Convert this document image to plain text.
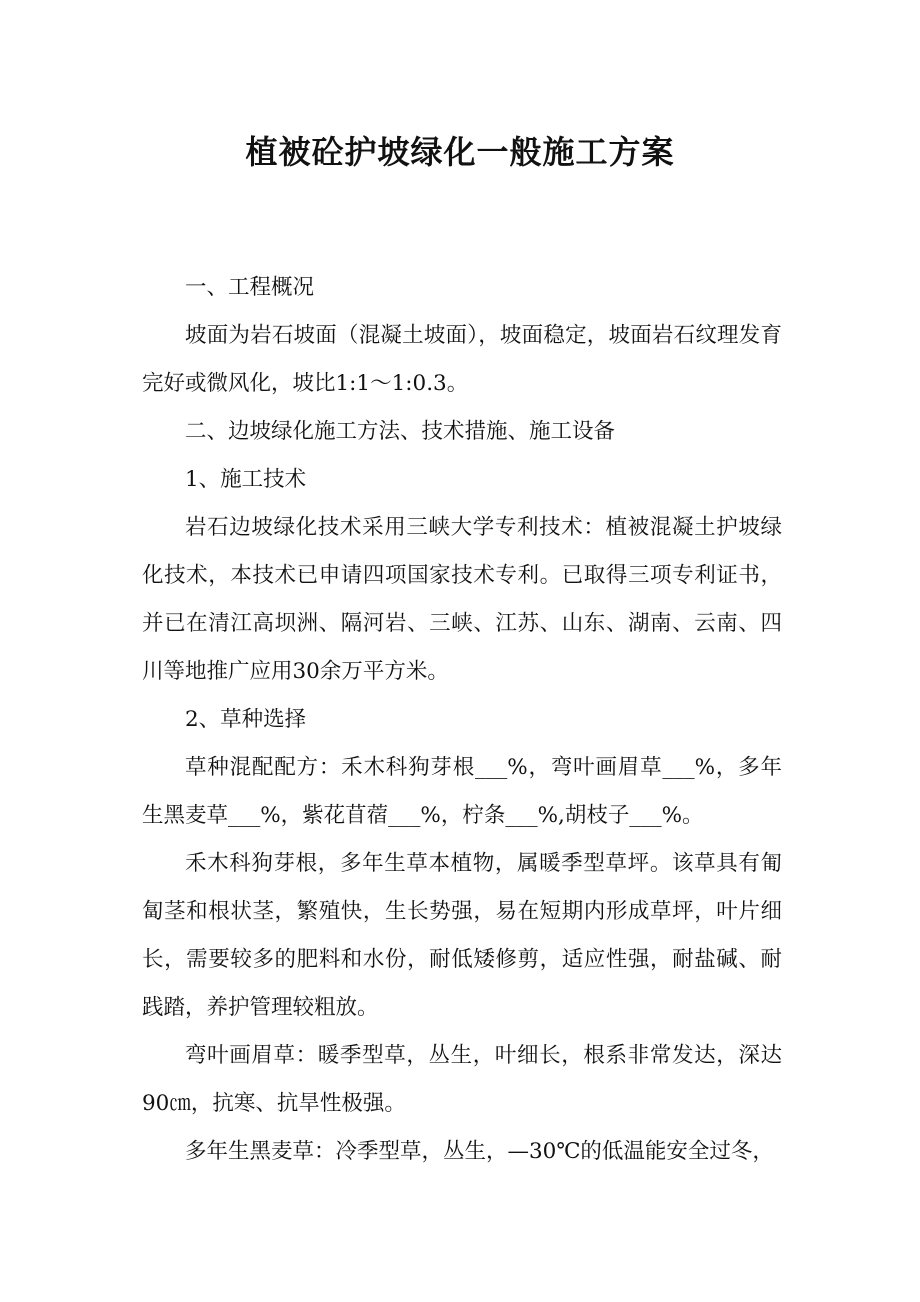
植被砼护坡绿化一般施工方案

一、工程概况

坡面为岩石坡面（混凝土坡面），坡面稳定，坡面岩石纹理发育完好或微风化，坡比1:1～1:0.3。

二、边坡绿化施工方法、技术措施、施工设备

1、施工技术

岩石边坡绿化技术采用三峡大学专利技术：植被混凝土护坡绿化技术，本技术已申请四项国家技术专利。已取得三项专利证书，并已在清江高坝洲、隔河岩、三峡、江苏、山东、湖南、云南、四川等地推广应用30余万平方米。

2、草种选择

草种混配配方：禾木科狗芽根___%，弯叶画眉草___%，多年生黑麦草___%，紫花苜蓿___%，柠条___%,胡枝子___%。

禾木科狗芽根，多年生草本植物，属暖季型草坪。该草具有匍匐茎和根状茎，繁殖快，生长势强，易在短期内形成草坪，叶片细长，需要较多的肥料和水份，耐低矮修剪，适应性强，耐盐碱、耐践踏，养护管理较粗放。

弯叶画眉草：暖季型草，丛生，叶细长，根系非常发达，深达90㎝，抗寒、抗旱性极强。

多年生黑麦草：冷季型草，丛生，—30℃的低温能安全过冬，
